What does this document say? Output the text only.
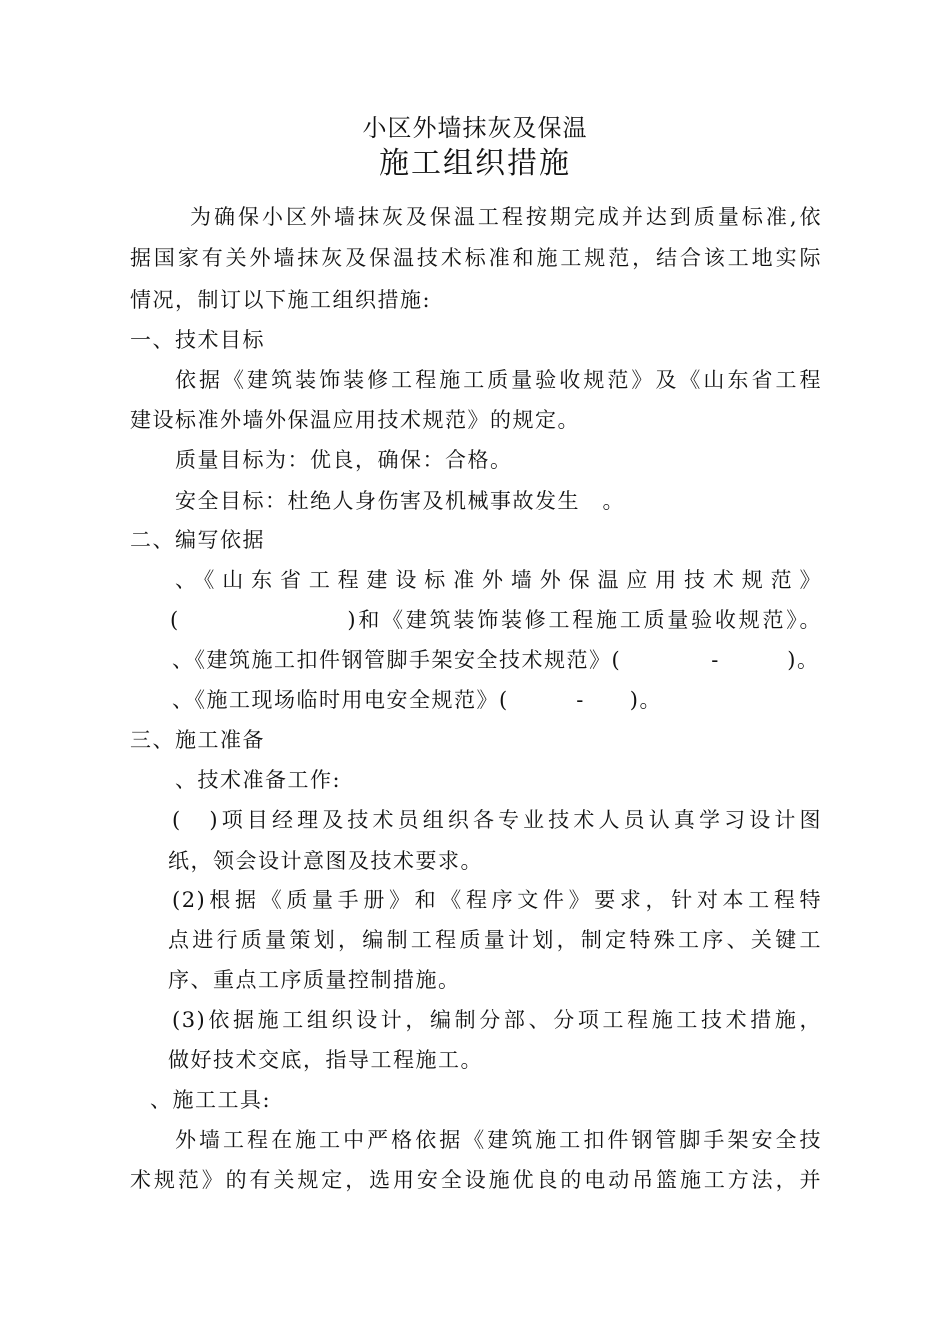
小区外墙抹灰及保温
施工组织措施
为确保小区外墙抹灰及保温工程按期完成并达到质量标准,依
据国家有关外墙抹灰及保温技术标准和施工规范，结合该工地实际
情况，制订以下施工组织措施:
一、技术目标
依据《建筑装饰装修工程施工质量验收规范》及《山东省工程
建设标准外墙外保温应用技术规范》的规定。
质量目标为：优良，确保：合格。
安全目标：杜绝人身伤害及机械事故发生　。
二、编写依据
、《山东省工程建设标准外墙外保温应用技术规范》
(　　　　　　　)和《建筑装饰装修工程施工质量验收规范》。
、《建筑施工扣件钢管脚手架安全技术规范》(　　　　-　　　)。
、《施工现场临时用电安全规范》(　　　-　　)。
三、施工准备
、技术准备工作:
(　)项目经理及技术员组织各专业技术人员认真学习设计图
纸，领会设计意图及技术要求。
(2)根据《质量手册》和《程序文件》要求，针对本工程特
点进行质量策划，编制工程质量计划，制定特殊工序、关键工
序、重点工序质量控制措施。
(3)依据施工组织设计，编制分部、分项工程施工技术措施，
做好技术交底，指导工程施工。
、施工工具:
外墙工程在施工中严格依据《建筑施工扣件钢管脚手架安全技
术规范》的有关规定，选用安全设施优良的电动吊篮施工方法，并
